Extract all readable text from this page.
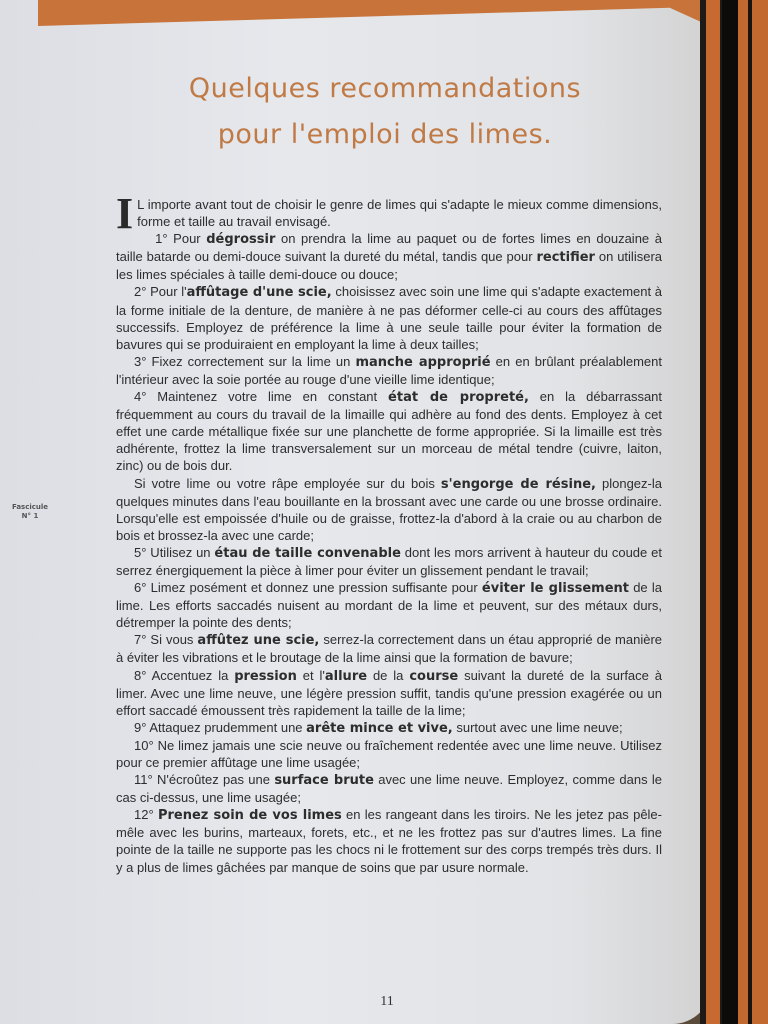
Quelques recommandations
pour l'emploi des limes.
Fascicule
N° 1

I L importe avant tout de choisir le genre de limes qui s'adapte le mieux comme dimensions, forme et taille au travail envisagé.

1° Pour dégrossir on prendra la lime au paquet ou de fortes limes en douzaine à taille batarde ou demi-douce suivant la dureté du métal, tandis que pour rectifier on utilisera les limes spéciales à taille demi-douce ou douce;

2° Pour l'affûtage d'une scie, choisissez avec soin une lime qui s'adapte exactement à la forme initiale de la denture, de manière à ne pas déformer celle-ci au cours des affûtages successifs. Employez de préférence la lime à une seule taille pour éviter la formation de bavures qui se produiraient en employant la lime à deux tailles;

3° Fixez correctement sur la lime un manche approprié en en brûlant préalablement l'intérieur avec la soie portée au rouge d'une vieille lime identique;

4° Maintenez votre lime en constant état de propreté, en la débarrassant fréquemment au cours du travail de la limaille qui adhère au fond des dents. Employez à cet effet une carde métallique fixée sur une planchette de forme appropriée. Si la limaille est très adhérente, frottez la lime transversalement sur un morceau de métal tendre (cuivre, laiton, zinc) ou de bois dur.

Si votre lime ou votre râpe employée sur du bois s'engorge de résine, plongez-la quelques minutes dans l'eau bouillante en la brossant avec une carde ou une brosse ordinaire. Lorsqu'elle est empoissée d'huile ou de graisse, frottez-la d'abord à la craie ou au charbon de bois et brossez-la avec une carde;

5° Utilisez un étau de taille convenable dont les mors arrivent à hauteur du coude et serrez énergiquement la pièce à limer pour éviter un glissement pendant le travail;

6° Limez posément et donnez une pression suffisante pour éviter le glissement de la lime. Les efforts saccadés nuisent au mordant de la lime et peuvent, sur des métaux durs, détremper la pointe des dents;

7° Si vous affûtez une scie, serrez-la correctement dans un étau approprié de manière à éviter les vibrations et le broutage de la lime ainsi que la formation de bavure;

8° Accentuez la pression et l'allure de la course suivant la dureté de la surface à limer. Avec une lime neuve, une légère pression suffit, tandis qu'une pression exagérée ou un effort saccadé émoussent très rapidement la taille de la lime;

9° Attaquez prudemment une arête mince et vive, surtout avec une lime neuve;

10° Ne limez jamais une scie neuve ou fraîchement redentée avec une lime neuve. Utilisez pour ce premier affûtage une lime usagée;

11° N'écroûtez pas une surface brute avec une lime neuve. Employez, comme dans le cas ci-dessus, une lime usagée;

12° Prenez soin de vos limes en les rangeant dans les tiroirs. Ne les jetez pas pêle-mêle avec les burins, marteaux, forets, etc., et ne les frottez pas sur d'autres limes. La fine pointe de la taille ne supporte pas les chocs ni le frottement sur des corps trempés très durs. Il y a plus de limes gâchées par manque de soins que par usure normale.

11
